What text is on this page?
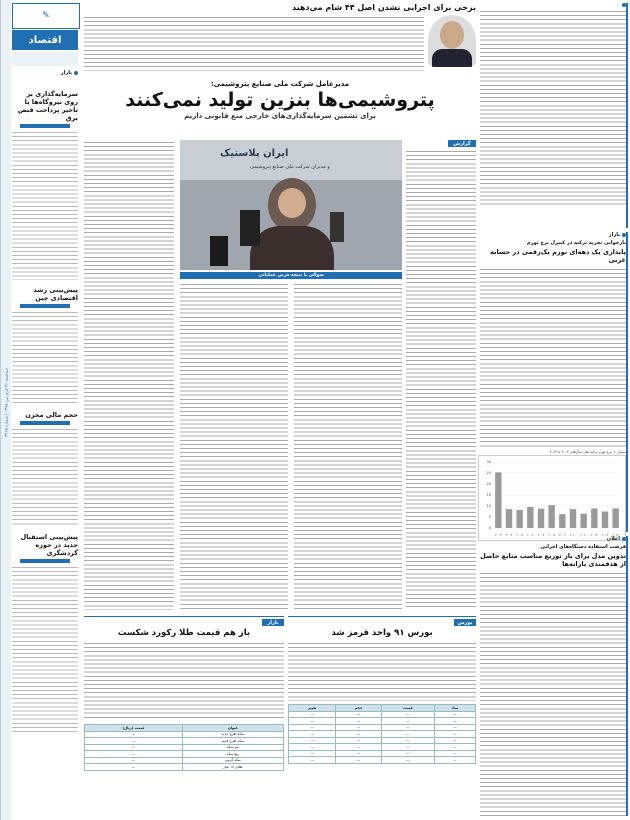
سه‌شنبه ۲۶ فروردین ۱۳۹۵ | شماره ۳۴۶۵
✎
اقتصاد
بازار
سرمایه‌گذاری بر روی نیروگاه‌ها با تاخیر پرداخت قبض برق
پیش‌بینی رشد اقتصادی چین
حجم مالی مخزن
پیش‌بینی استقبال جدید در حوزه گردشگری
برخی برای اجرایی نشدن اصل ۴۴ شام می‌دهند
مدیرعامل شرکت ملی صنایع پتروشیمی:
پتروشیمی‌ها بنزین تولید نمی‌کنند
برای تشمین سرمایه‌گذاری‌های خارجی منع قانونی داریم
ایران پلاستیک
و مدیران شرکت ملی صنایع پتروشیمی
سوالی با نتیجه فرض عملیاتی
گزارش
بازار
بازخوانی تجربه ترکیه در کنترل نرخ تورم
پایداری یک دهه‌ای تورم یک‌رقمی در حسابه غربی
نمودار ۱: نرخ تورم ترکیه طی سال‌های ۲۰۰۳ تا ۲۰۱۴
0
5
10
15
20
25
30
۲۰۰۳ ۲۰۰۴ ۲۰۰۵ ۲۰۰۶ ۲۰۰۷ ۲۰۰۸ ۲۰۰۹ ۲۰۱۰ ۲۰۱۱ ۲۰۱۲ ۲۰۱۳ ۲۰۱۴
اعلان
فرصت استفاده دستگاه‌های اجرایی
تدوین مدل برای باز توزیع مناسب منابع حاصل از هدفمندی یارانه‌ها
بازار
باز هم قیمت طلا رکورد شکست
عنوان	قیمت (ریال)
سکه طرح جدید	—
سکه طرح قدیم	—
نیم سکه	—
ربع سکه	—
سکه گرمی	—
طلای ۱۸ عیار	—
بورس
بورس ۹۱ واحد قرمز شد
نماد	قیمت	حجم	تغییر
—	—	—	—
—	—	—	—
—	—	—	—
—	—	—	—
—	—	—	—
—	—	—	—
—	—	—	—
—	—	—	—
